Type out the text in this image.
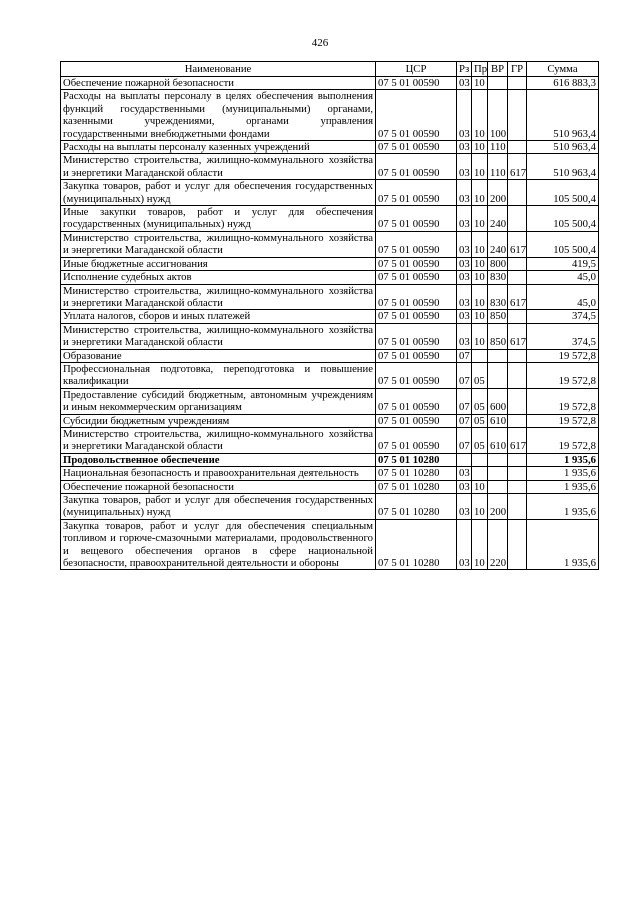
426
Наименование	ЦСР	Рз	Пр	ВР	ГР	Сумма
Обеспечение пожарной безопасности	07 5 01 00590	03	10			616 883,3
Расходы на выплаты персоналу в целях обеспечения выполнения функций государственными (муниципальными) органами, казенными учреждениями, органами управления государственными внебюджетными фондами	07 5 01 00590	03	10	100		510 963,4
Расходы на выплаты персоналу казенных учреждений	07 5 01 00590	03	10	110		510 963,4
Министерство строительства, жилищно-коммунального хозяйства и энергетики Магаданской области	07 5 01 00590	03	10	110	617	510 963,4
Закупка товаров, работ и услуг для обеспечения государственных (муниципальных) нужд	07 5 01 00590	03	10	200		105 500,4
Иные закупки товаров, работ и услуг для обеспечения государственных (муниципальных) нужд	07 5 01 00590	03	10	240		105 500,4
Министерство строительства, жилищно-коммунального хозяйства и энергетики Магаданской области	07 5 01 00590	03	10	240	617	105 500,4
Иные бюджетные ассигнования	07 5 01 00590	03	10	800		419,5
Исполнение судебных актов	07 5 01 00590	03	10	830		45,0
Министерство строительства, жилищно-коммунального хозяйства и энергетики Магаданской области	07 5 01 00590	03	10	830	617	45,0
Уплата налогов, сборов и иных платежей	07 5 01 00590	03	10	850		374,5
Министерство строительства, жилищно-коммунального хозяйства и энергетики Магаданской области	07 5 01 00590	03	10	850	617	374,5
Образование	07 5 01 00590	07				19 572,8
Профессиональная подготовка, переподготовка и повышение квалификации	07 5 01 00590	07	05			19 572,8
Предоставление субсидий бюджетным, автономным учреждениям и иным некоммерческим организациям	07 5 01 00590	07	05	600		19 572,8
Субсидии бюджетным учреждениям	07 5 01 00590	07	05	610		19 572,8
Министерство строительства, жилищно-коммунального хозяйства и энергетики Магаданской области	07 5 01 00590	07	05	610	617	19 572,8
Продовольственное обеспечение	07 5 01 10280					1 935,6
Национальная безопасность и правоохранительная деятельность	07 5 01 10280	03				1 935,6
Обеспечение пожарной безопасности	07 5 01 10280	03	10			1 935,6
Закупка товаров, работ и услуг для обеспечения государственных (муниципальных) нужд	07 5 01 10280	03	10	200		1 935,6
Закупка товаров, работ и услуг для обеспечения специальным топливом и горюче-смазочными материалами, продовольственного и вещевого обеспечения органов в сфере национальной безопасности, правоохранительной деятельности и обороны	07 5 01 10280	03	10	220		1 935,6
